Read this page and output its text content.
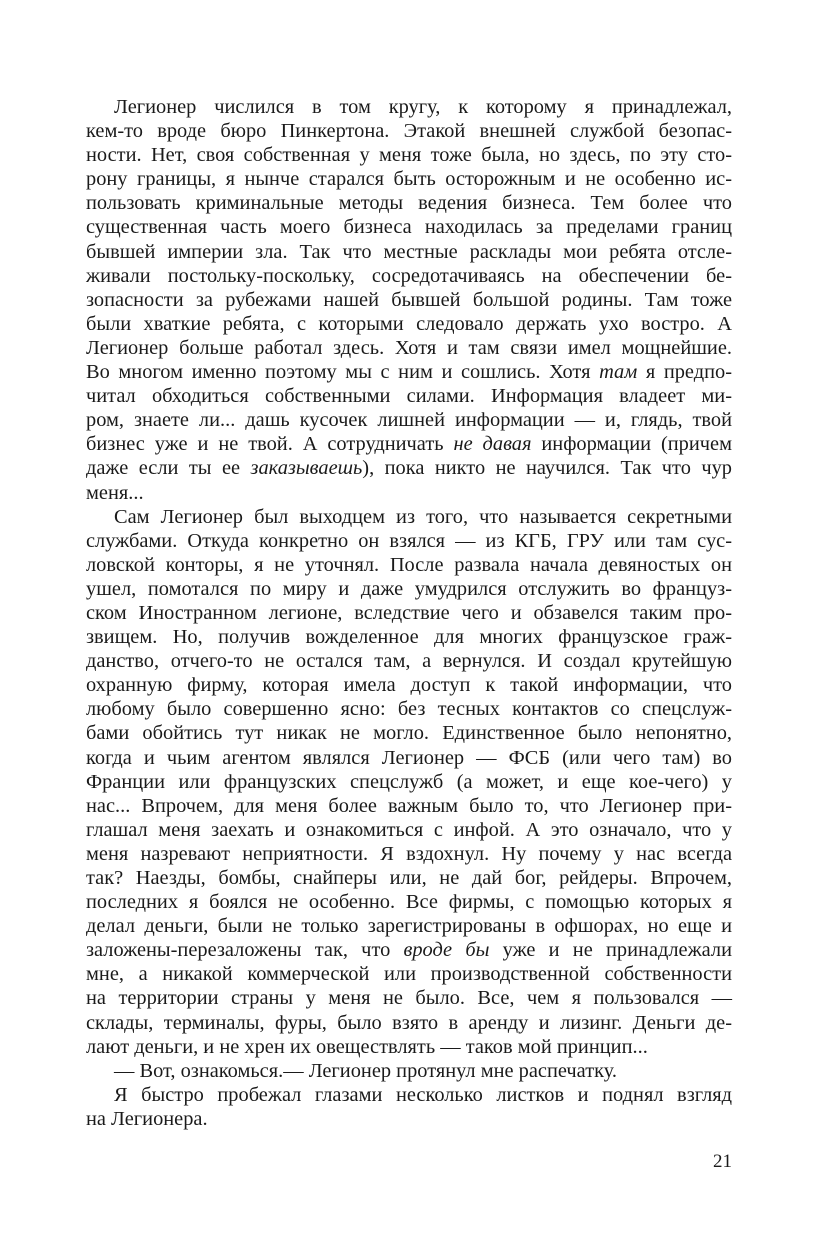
Легионер числился в том кругу, к которому я принадлежал,
кем-то вроде бюро Пинкертона. Этакой внешней службой безопас-
ности. Нет, своя собственная у меня тоже была, но здесь, по эту сто-
рону границы, я нынче старался быть осторожным и не особенно ис-
пользовать криминальные методы ведения бизнеса. Тем более что
существенная часть моего бизнеса находилась за пределами границ
бывшей империи зла. Так что местные расклады мои ребята отсле-
живали постольку-поскольку, сосредотачиваясь на обеспечении бе-
зопасности за рубежами нашей бывшей большой родины. Там тоже
были хваткие ребята, с которыми следовало держать ухо востро. А
Легионер больше работал здесь. Хотя и там связи имел мощнейшие.
Во многом именно поэтому мы с ним и сошлись. Хотя там я предпо-
читал обходиться собственными силами. Информация владеет ми-
ром, знаете ли... дашь кусочек лишней информации — и, глядь, твой
бизнес уже и не твой. А сотрудничать не давая информации (причем
даже если ты ее заказываешь), пока никто не научился. Так что чур
меня...
Сам Легионер был выходцем из того, что называется секретными
службами. Откуда конкретно он взялся — из КГБ, ГРУ или там сус-
ловской конторы, я не уточнял. После развала начала девяностых он
ушел, помотался по миру и даже умудрился отслужить во француз-
ском Иностранном легионе, вследствие чего и обзавелся таким про-
звищем. Но, получив вожделенное для многих французское граж-
данство, отчего-то не остался там, а вернулся. И создал крутейшую
охранную фирму, которая имела доступ к такой информации, что
любому было совершенно ясно: без тесных контактов со спецслуж-
бами обойтись тут никак не могло. Единственное было непонятно,
когда и чьим агентом являлся Легионер — ФСБ (или чего там) во
Франции или французских спецслужб (а может, и еще кое-чего) у
нас... Впрочем, для меня более важным было то, что Легионер при-
глашал меня заехать и ознакомиться с инфой. А это означало, что у
меня назревают неприятности. Я вздохнул. Ну почему у нас всегда
так? Наезды, бомбы, снайперы или, не дай бог, рейдеры. Впрочем,
последних я боялся не особенно. Все фирмы, с помощью которых я
делал деньги, были не только зарегистрированы в офшорах, но еще и
заложены-перезаложены так, что вроде бы уже и не принадлежали
мне, а никакой коммерческой или производственной собственности
на территории страны у меня не было. Все, чем я пользовался —
склады, терминалы, фуры, было взято в аренду и лизинг. Деньги де-
лают деньги, и не хрен их овеществлять — таков мой принцип...
— Вот, ознакомься.— Легионер протянул мне распечатку.
Я быстро пробежал глазами несколько листков и поднял взгляд
на Легионера.
21
